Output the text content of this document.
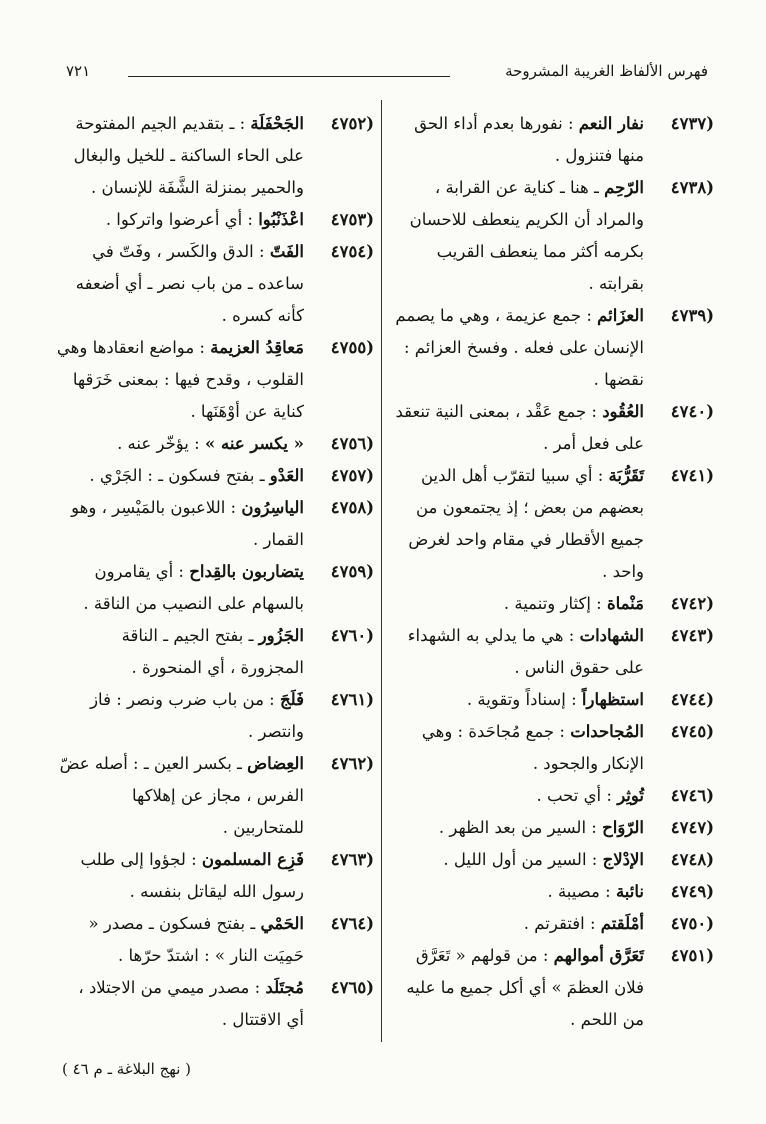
فهرس الألفاظ الغريبة المشروحة
٧٢١
(٤٧٣٧
نفار النعم : نفورها بعدم أداء الحق منها فتنزول .
(٤٧٣٨
الرّحِم ـ هنا ـ كناية عن القرابة ، والمراد أن الكريم ينعطف للاحسان بكرمه أكثر مما ينعطف القريب بقرابته .
(٤٧٣٩
العزَائم : جمع عزيمة ، وهي ما يصمم الإنسان على فعله . وفسخ العزائم : نقضها .
(٤٧٤٠
العُقُود : جمع عَقْد ، بمعنى النية تنعقد على فعل أمر .
(٤٧٤١
تَقَرُّبَة : أي سبيا لتقرّب أهل الدين بعضهم من بعض ؛ إذ يجتمعون من جميع الأقطار في مقام واحد لغرض واحد .
(٤٧٤٢
مَنْماة : إكثار وتنمية .
(٤٧٤٣
الشهادات : هي ما يدلي به الشهداء على حقوق الناس .
(٤٧٤٤
استظهاراً : إسناداً وتقوية .
(٤٧٤٥
المُجاحدات : جمع مُجاحَدة : وهي الإنكار والجحود .
(٤٧٤٦
تُوثِر : أي تحب .
(٤٧٤٧
الرّوَاح : السير من بعد الظهر .
(٤٧٤٨
الإدْلاج : السير من أول الليل .
(٤٧٤٩
نائبة : مصيبة .
(٤٧٥٠
أمْلَقتم : افتقرتم .
(٤٧٥١
تَعَرَّق أموالهم : من قولهم « تَعَرَّق فلان العظمَ » أي أكل جميع ما عليه من اللحم .
(٤٧٥٢
الجَحْفَلَة : ـ بتقديم الجيم المفتوحة على الحاء الساكنة ـ للخيل والبغال والحمير بمنزلة الشَّفَة للإنسان .
(٤٧٥٣
اعْذَنْبُوا : أي أعرضوا واتركوا .
(٤٧٥٤
الفَتّ : الدق والكَسر ، وفَتّ في ساعده ـ من باب نصر ـ أي أضعفه كأنه كسره .
(٤٧٥٥
مَعاقِدُ العزيمة : مواضع انعقادها وهي القلوب ، وقدح فيها : بمعنى خَرَقها كناية عن أوْهَنَها .
(٤٧٥٦
« يكسر عنه » : يؤخّر عنه .
(٤٧٥٧
العَدْو ـ بفتح فسكون ـ : الجَرْي .
(٤٧٥٨
الياسِرُون : اللاعبون بالمَيْسِر ، وهو القمار .
(٤٧٥٩
يتضاربون بالقِداح : أي يقامرون بالسهام على النصيب من الناقة .
(٤٧٦٠
الجَزُور ـ بفتح الجيم ـ الناقة المجزورة ، أي المنحورة .
(٤٧٦١
فَلَجَ : من باب ضرب ونصر : فاز وانتصر .
(٤٧٦٢
العِضاض ـ بكسر العين ـ : أصله عضّ الفرس ، مجاز عن إهلاكها للمتحاربين .
(٤٧٦٣
فَزِع المسلمون : لجؤوا إلى طلب رسول الله ليقاتل بنفسه .
(٤٧٦٤
الحَمْي ـ بفتح فسكون ـ مصدر « حَمِيَت النار » : اشتدّ حرّها .
(٤٧٦٥
مُجتَلَد : مصدر ميمي من الاجتلاد ، أي الاقتتال .
( نهج البلاغة ـ م ٤٦ )
